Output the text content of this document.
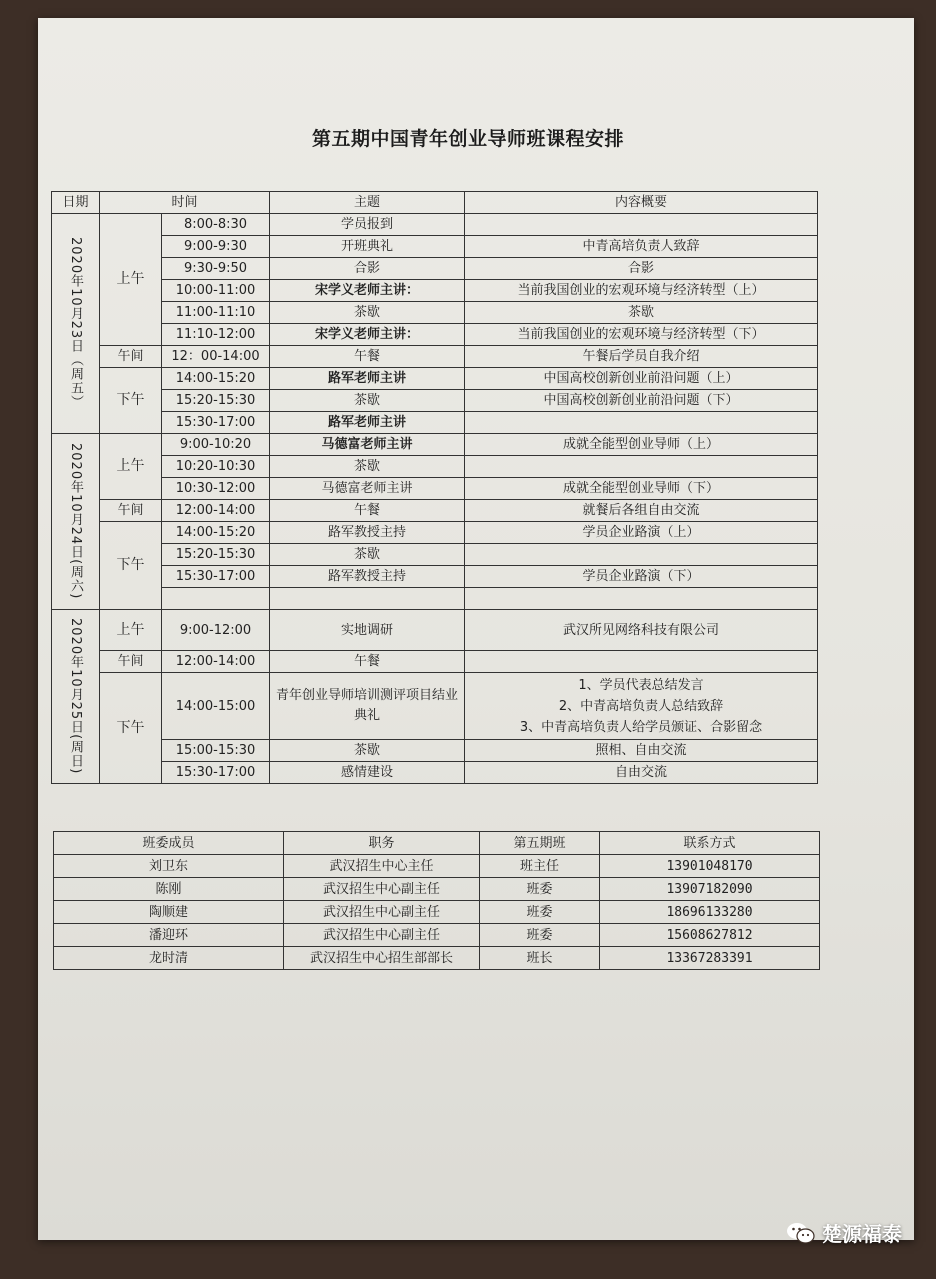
第五期中国青年创业导师班课程安排
日期	时间		主题	内容概要

2020年10月23日（周五）	上午	8:00-8:30	学员报到	
		9:00-9:30	开班典礼	中青高培负责人致辞
		9:30-9:50	合影	合影
		10:00-11:00	宋学义老师主讲：	当前我国创业的宏观环境与经济转型（上）
		11:00-11:10	茶歇	茶歇
		11:10-12:00	宋学义老师主讲：	当前我国创业的宏观环境与经济转型（下）
	午间	12：00-14:00	午餐	午餐后学员自我介绍
	下午	14:00-15:20	路军老师主讲	中国高校创新创业前沿问题（上）
		15:20-15:30	茶歇	中国高校创新创业前沿问题（下）
		15:30-17:00	路军老师主讲	

2020年10月24日(周六)	上午	9:00-10:20	马德富老师主讲	成就全能型创业导师（上）
		10:20-10:30	茶歇	
		10:30-12:00	马德富老师主讲	成就全能型创业导师（下）
	午间	12:00-14:00	午餐	就餐后各组自由交流
	下午	14:00-15:20	路军教授主持	学员企业路演（上）
		15:20-15:30	茶歇	
		15:30-17:00	路军教授主持	学员企业路演（下）

2020年10月25日(周日)	上午	9:00-12:00	实地调研	武汉所见网络科技有限公司
	午间	12:00-14:00	午餐	
	下午	14:00-15:00	青年创业导师培训测评项目结业典礼	1、学员代表总结发言
2、中青高培负责人总结致辞
3、中青高培负责人给学员颁证、合影留念

		15:00-15:30	茶歇	照相、自由交流
		15:30-17:00	感情建设	自由交流
班委成员	职务	第五期班	联系方式
刘卫东	武汉招生中心主任	班主任	13901048170
陈刚	武汉招生中心副主任	班委	13907182090
陶顺建	武汉招生中心副主任	班委	18696133280
潘迎环	武汉招生中心副主任	班委	15608627812
龙时清	武汉招生中心招生部部长	班长	13367283391
楚源福泰
